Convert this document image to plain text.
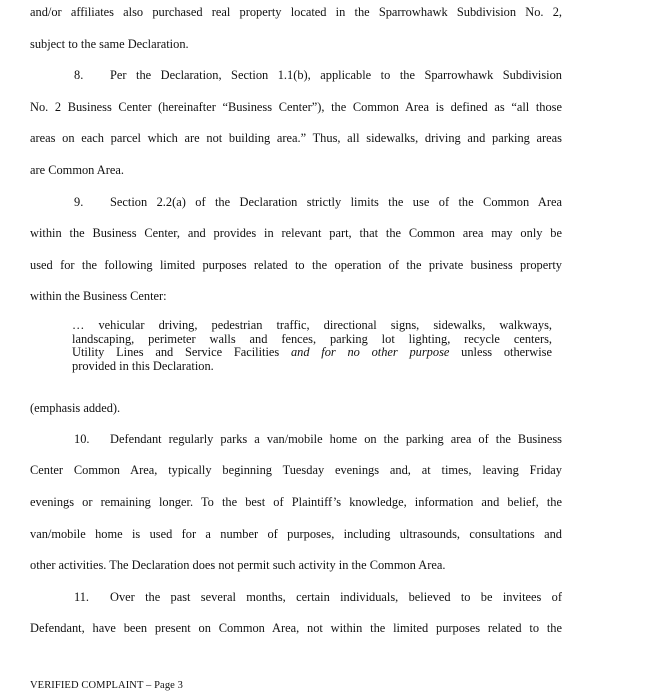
and/or affiliates also purchased real property located in the Sparrowhawk Subdivision No. 2,
subject to the same Declaration.
8. Per the Declaration, Section 1.1(b), applicable to the Sparrowhawk Subdivision
No. 2 Business Center (hereinafter “Business Center”), the Common Area is defined as “all those
areas on each parcel which are not building area.” Thus, all sidewalks, driving and parking areas
are Common Area.
9. Section 2.2(a) of the Declaration strictly limits the use of the Common Area
within the Business Center, and provides in relevant part, that the Common area may only be
used for the following limited purposes related to the operation of the private business property
within the Business Center:
… vehicular driving, pedestrian traffic, directional signs, sidewalks, walkways,
landscaping, perimeter walls and fences, parking lot lighting, recycle centers,
Utility Lines and Service Facilities and for no other purpose unless otherwise
provided in this Declaration.
(emphasis added).
10. Defendant regularly parks a van/mobile home on the parking area of the Business
Center Common Area, typically beginning Tuesday evenings and, at times, leaving Friday
evenings or remaining longer. To the best of Plaintiff’s knowledge, information and belief, the
van/mobile home is used for a number of purposes, including ultrasounds, consultations and
other activities. The Declaration does not permit such activity in the Common Area.
11. Over the past several months, certain individuals, believed to be invitees of
Defendant, have been present on Common Area, not within the limited purposes related to the
VERIFIED COMPLAINT – Page 3
